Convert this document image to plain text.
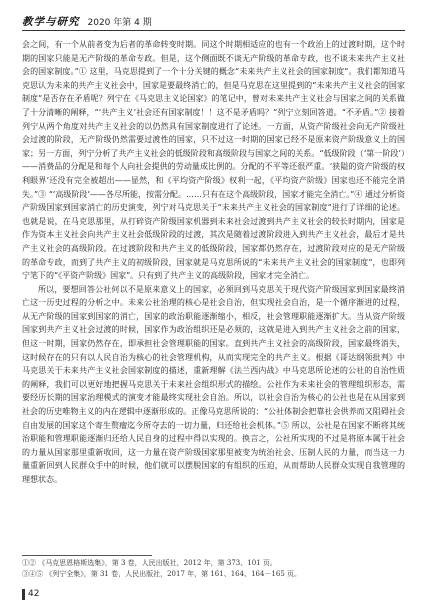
教学与研究 2020 年第 4 期

会之间，有一个从前者变为后者的革命转变时期。同这个时期相适应的也有一个政治上的过渡时期，这个时期的国家只能是无产阶级的革命专政。但是，这个侧面既不谈无产阶级的革命专政，也不谈未来共产主义社会的国家制度。”① 这里，马克思提到了一个十分关键的概念“未来共产主义社会的国家制度”。我们都知道马克思认为未来的共产主义社会中，国家是要最终消亡的，但是马克思在这里提到的“未来共产主义社会的国家制度”是否存在矛盾呢？列宁在《马克思主义论国家》的笔记中，曾对未来共产主义社会与国家之间的关系做了十分清晰的阐释，“‘共产主义’社会还有国家制度！！这不是矛盾吗？”列宁立刻回答道。“不矛盾。”② 接着列宁从两个角度对共产主义社会的以仍然具有国家制度进行了论述。一方面，从资产阶级社会向无产阶级社会过渡的阶段，无产阶级仍然需要过渡性的国家，只不过这一时期的国家已经不是原来资产阶级意义上的国家；另一方面，列宁分析了共产主义社会的低级阶段和高级阶段与国家之间的关系。“低级阶段（‘第一阶段’）——消费品的分配是和每个人向社会提供的劳动量成比例的。分配的不平等还很严重。‘狭隘的资产阶级的权利眼界’还没有完全被超出——显然，和《平均资产阶级》权利一起，《平均资产阶级》国家也还不能完全消失。”③ “‘高级阶段’——各尽所能，按需分配。……只有在这个高级阶段，国家才能完全消亡。”④ 通过分析资产阶级国家到国家消亡的历史演变，列宁对马克思关于“未来共产主义社会的国家制度”进行了详细的论述。也就是说，在马克思那里，从打碎资产阶级国家机器到未来社会过渡到共产主义社会的较长时期内，国家是作为资本主义社会向共产主义社会低级阶段的过渡，其次是随着过渡阶段进入到共产主义社会，最后才是共产主义社会的高级阶段。在过渡阶段和共产主义的低级阶段，国家都仍然存在，过渡阶段对应的是无产阶级的革命专政，而到了共产主义的初级阶段，国家就是马克思所说的“未来共产主义社会的国家制度”，也即列宁笔下的“《平资产阶级》国家”。只有到了共产主义的高级阶段，国家才完全消亡。

所以，要想回答公社何以不是原来意义上的国家，必须回到马克思关于现代资产阶级国家到国家最终消亡这一历史过程的分析之中。未来公社治理的核心是社会自治，但实现社会自治，是一个循序渐进的过程，从无产阶级的国家到国家的消亡，国家的政治职能逐渐缩小，相反，社会管理职能逐渐扩大。当从资产阶级国家到共产主义社会过渡的时候，国家作为政治组织还是必须的，这就是进入到共产主义社会之前的国家，但这一时期，国家仍然存在，即承担社会管理职能的国家。直到共产主义社会的高级阶段，国家最终消失，这时候存在的只有以人民自治为核心的社会管理机构，从而实现完全的共产主义。根据《哥达纲领批判》中马克思关于未来共产主义社会国家制度的描述，重新理解《法兰西内战》中马克思所论述的公社的自治性质的阐释，我们可以更好地把握马克思关于未来社会组织形式的描绘。公社作为未来社会的管理组织形态，需要经历长期的国家治理模式的演变才能最终实现社会自治。所以，以社会自治为核心的公社也是在从国家到社会的历史唯物主义的内在逻辑中逐渐形成的。正像马克思所说的：“公社体制会把靠社会供养而又阻碍社会自由发展的国家这个寄生赘瘤迄今所夺去的一切力量，归还给社会机体。”⑤ 所以，公社是在国家不断将其统治职能和管理职能逐渐归还给人民自身的过程中得以实现的。换言之，公社所实现的不过是将原本属于社会的力量从国家那里重新收回，这一力量在资产阶级国家那里被变为统治社会、压制人民的力量，而当这一力量重新回到人民群众手中的时候，他们就可以摆脱国家的有组织的压迫，从而帮助人民群众实现自我管理的理想状态。

①② 《马克思恩格斯选集》，第 3 卷，人民出版社，2012 年，第 373、101 页。
③④⑤ 《列宁全集》，第 31 卷，人民出版社，2017 年，第 161、164、164－165 页。
42
